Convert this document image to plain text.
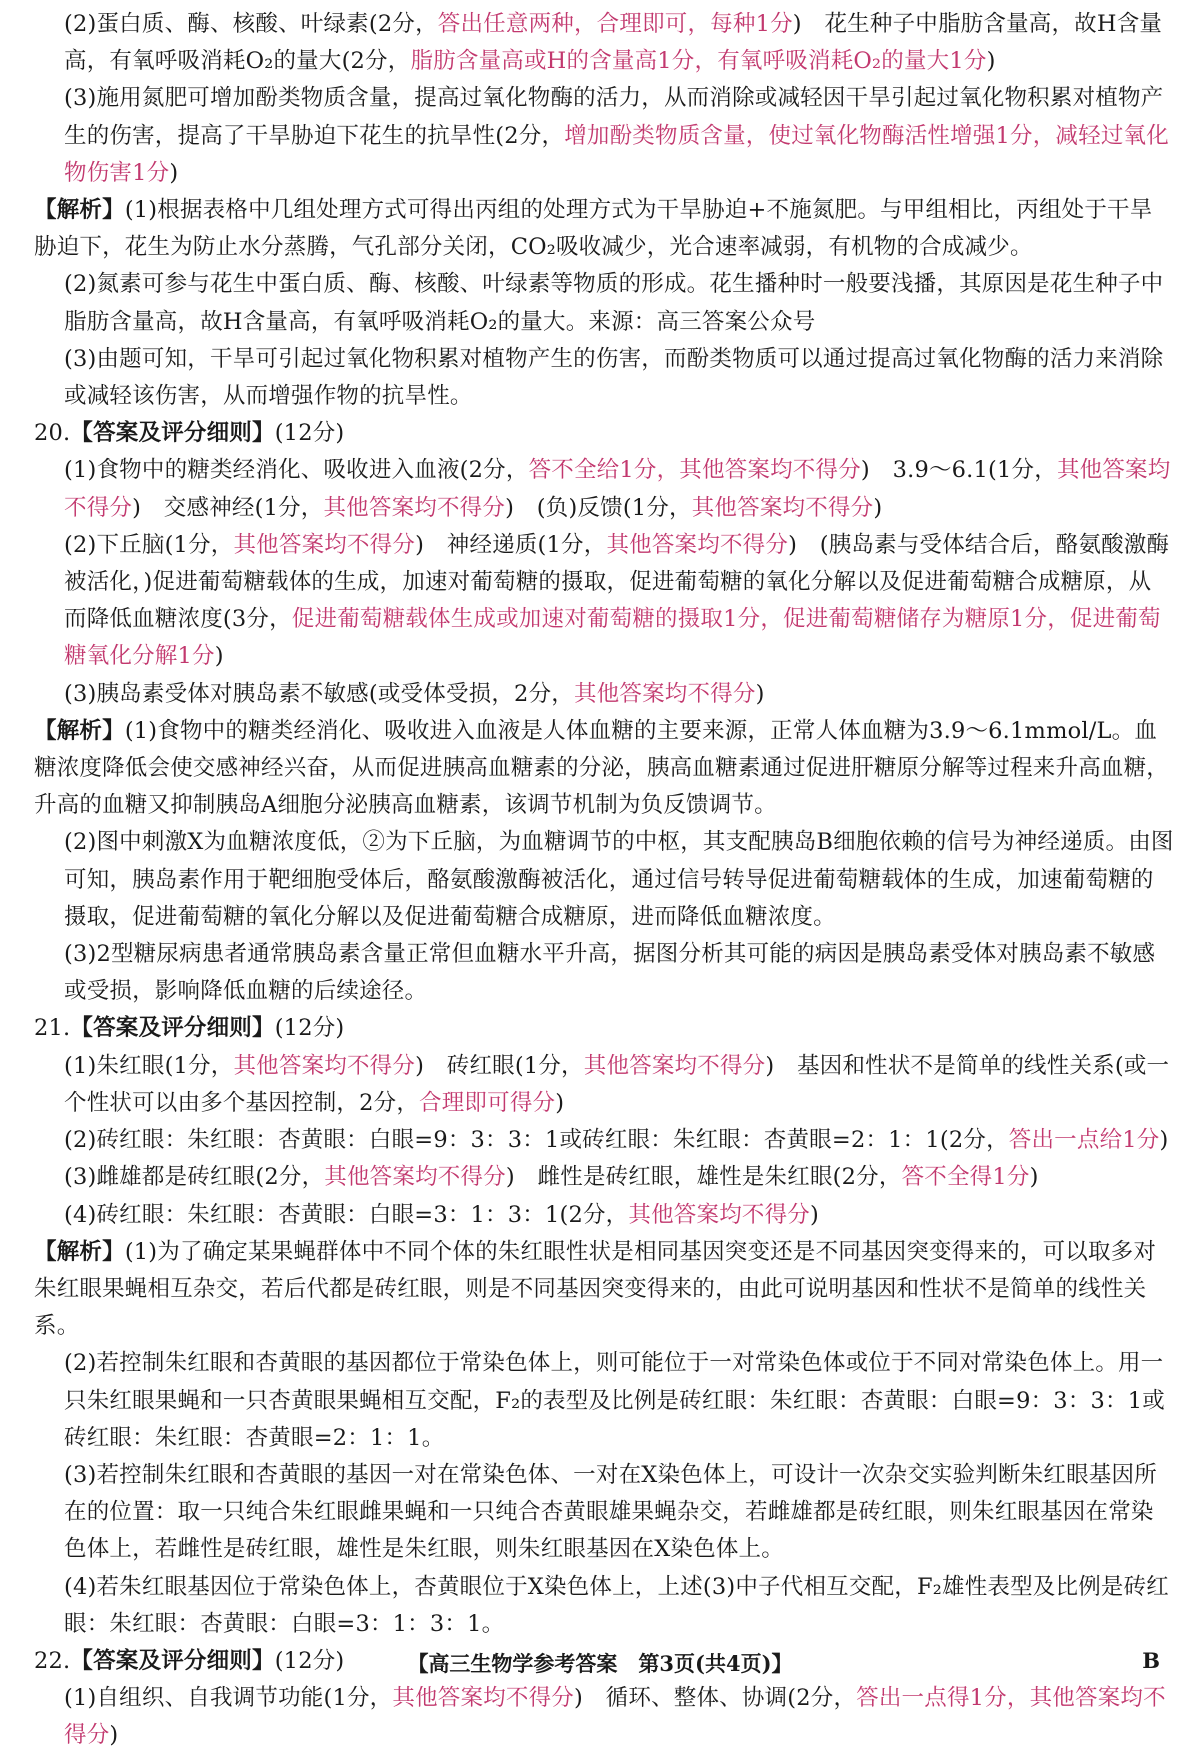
(2)蛋白质、酶、核酸、叶绿素(2分，答出任意两种，合理即可，每种1分)　花生种子中脂肪含量高，故H含量高，有氧呼吸消耗O₂的量大(2分，脂肪含量高或H的含量高1分，有氧呼吸消耗O₂的量大1分)
(3)施用氮肥可增加酚类物质含量，提高过氧化物酶的活力，从而消除或减轻因干旱引起过氧化物积累对植物产生的伤害，提高了干旱胁迫下花生的抗旱性(2分，增加酚类物质含量，使过氧化物酶活性增强1分，减轻过氧化物伤害1分)
【解析】(1)根据表格中几组处理方式可得出丙组的处理方式为干旱胁迫+不施氮肥。与甲组相比，丙组处于干旱胁迫下，花生为防止水分蒸腾，气孔部分关闭，CO₂吸收减少，光合速率减弱，有机物的合成减少。
(2)氮素可参与花生中蛋白质、酶、核酸、叶绿素等物质的形成。花生播种时一般要浅播，其原因是花生种子中脂肪含量高，故H含量高，有氧呼吸消耗O₂的量大。来源：高三答案公众号
(3)由题可知，干旱可引起过氧化物积累对植物产生的伤害，而酚类物质可以通过提高过氧化物酶的活力来消除或减轻该伤害，从而增强作物的抗旱性。
20.【答案及评分细则】(12分)
(1)食物中的糖类经消化、吸收进入血液(2分，答不全给1分，其他答案均不得分)　3.9～6.1(1分，其他答案均不得分)　交感神经(1分，其他答案均不得分)　(负)反馈(1分，其他答案均不得分)
(2)下丘脑(1分，其他答案均不得分)　神经递质(1分，其他答案均不得分)　(胰岛素与受体结合后，酪氨酸激酶被活化，)促进葡萄糖载体的生成，加速对葡萄糖的摄取，促进葡萄糖的氧化分解以及促进葡萄糖合成糖原，从而降低血糖浓度(3分，促进葡萄糖载体生成或加速对葡萄糖的摄取1分，促进葡萄糖储存为糖原1分，促进葡萄糖氧化分解1分)
(3)胰岛素受体对胰岛素不敏感(或受体受损，2分，其他答案均不得分)
【解析】(1)食物中的糖类经消化、吸收进入血液是人体血糖的主要来源，正常人体血糖为3.9～6.1mmol/L。血糖浓度降低会使交感神经兴奋，从而促进胰高血糖素的分泌，胰高血糖素通过促进肝糖原分解等过程来升高血糖，升高的血糖又抑制胰岛A细胞分泌胰高血糖素，该调节机制为负反馈调节。
(2)图中刺激X为血糖浓度低，②为下丘脑，为血糖调节的中枢，其支配胰岛B细胞依赖的信号为神经递质。由图可知，胰岛素作用于靶细胞受体后，酪氨酸激酶被活化，通过信号转导促进葡萄糖载体的生成，加速葡萄糖的摄取，促进葡萄糖的氧化分解以及促进葡萄糖合成糖原，进而降低血糖浓度。
(3)2型糖尿病患者通常胰岛素含量正常但血糖水平升高，据图分析其可能的病因是胰岛素受体对胰岛素不敏感或受损，影响降低血糖的后续途径。
21.【答案及评分细则】(12分)
(1)朱红眼(1分，其他答案均不得分)　砖红眼(1分，其他答案均不得分)　基因和性状不是简单的线性关系(或一个性状可以由多个基因控制，2分，合理即可得分)
(2)砖红眼：朱红眼：杏黄眼：白眼=9：3：3：1或砖红眼：朱红眼：杏黄眼=2：1：1(2分，答出一点给1分)
(3)雌雄都是砖红眼(2分，其他答案均不得分)　雌性是砖红眼，雄性是朱红眼(2分，答不全得1分)
(4)砖红眼：朱红眼：杏黄眼：白眼=3：1：3：1(2分，其他答案均不得分)
【解析】(1)为了确定某果蝇群体中不同个体的朱红眼性状是相同基因突变还是不同基因突变得来的，可以取多对朱红眼果蝇相互杂交，若后代都是砖红眼，则是不同基因突变得来的，由此可说明基因和性状不是简单的线性关系。
(2)若控制朱红眼和杏黄眼的基因都位于常染色体上，则可能位于一对常染色体或位于不同对常染色体上。用一只朱红眼果蝇和一只杏黄眼果蝇相互交配，F₂的表型及比例是砖红眼：朱红眼：杏黄眼：白眼=9：3：3：1或砖红眼：朱红眼：杏黄眼=2：1：1。
(3)若控制朱红眼和杏黄眼的基因一对在常染色体、一对在X染色体上，可设计一次杂交实验判断朱红眼基因所在的位置：取一只纯合朱红眼雌果蝇和一只纯合杏黄眼雄果蝇杂交，若雌雄都是砖红眼，则朱红眼基因在常染色体上，若雌性是砖红眼，雄性是朱红眼，则朱红眼基因在X染色体上。
(4)若朱红眼基因位于常染色体上，杏黄眼位于X染色体上，上述(3)中子代相互交配，F₂雄性表型及比例是砖红眼：朱红眼：杏黄眼：白眼=3：1：3：1。
22.【答案及评分细则】(12分)
(1)自组织、自我调节功能(1分，其他答案均不得分)　循环、整体、协调(2分，答出一点得1分，其他答案均不得分)
【高三生物学参考答案　第3页(共4页)】	B
